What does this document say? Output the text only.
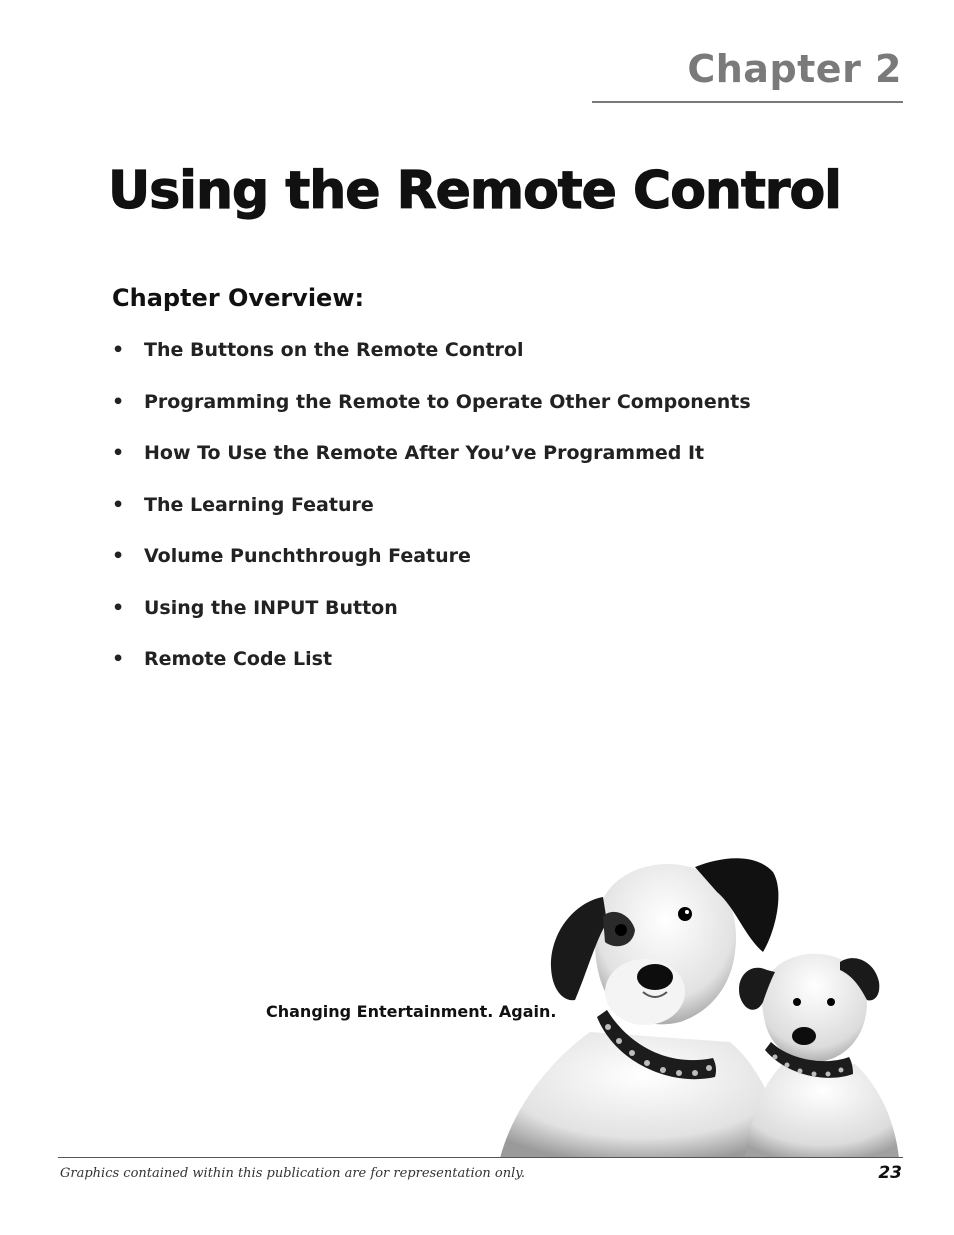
Chapter 2
Using the Remote Control
Chapter Overview:
•	The Buttons on the Remote Control
•	Programming the Remote to Operate Other Components
•	How To Use the Remote After You’ve Programmed It
•	The Learning Feature
•	Volume Punchthrough Feature
•	Using the INPUT Button
•	Remote Code List
Changing Entertainment. Again.
Graphics contained within this publication are for representation only.	23
